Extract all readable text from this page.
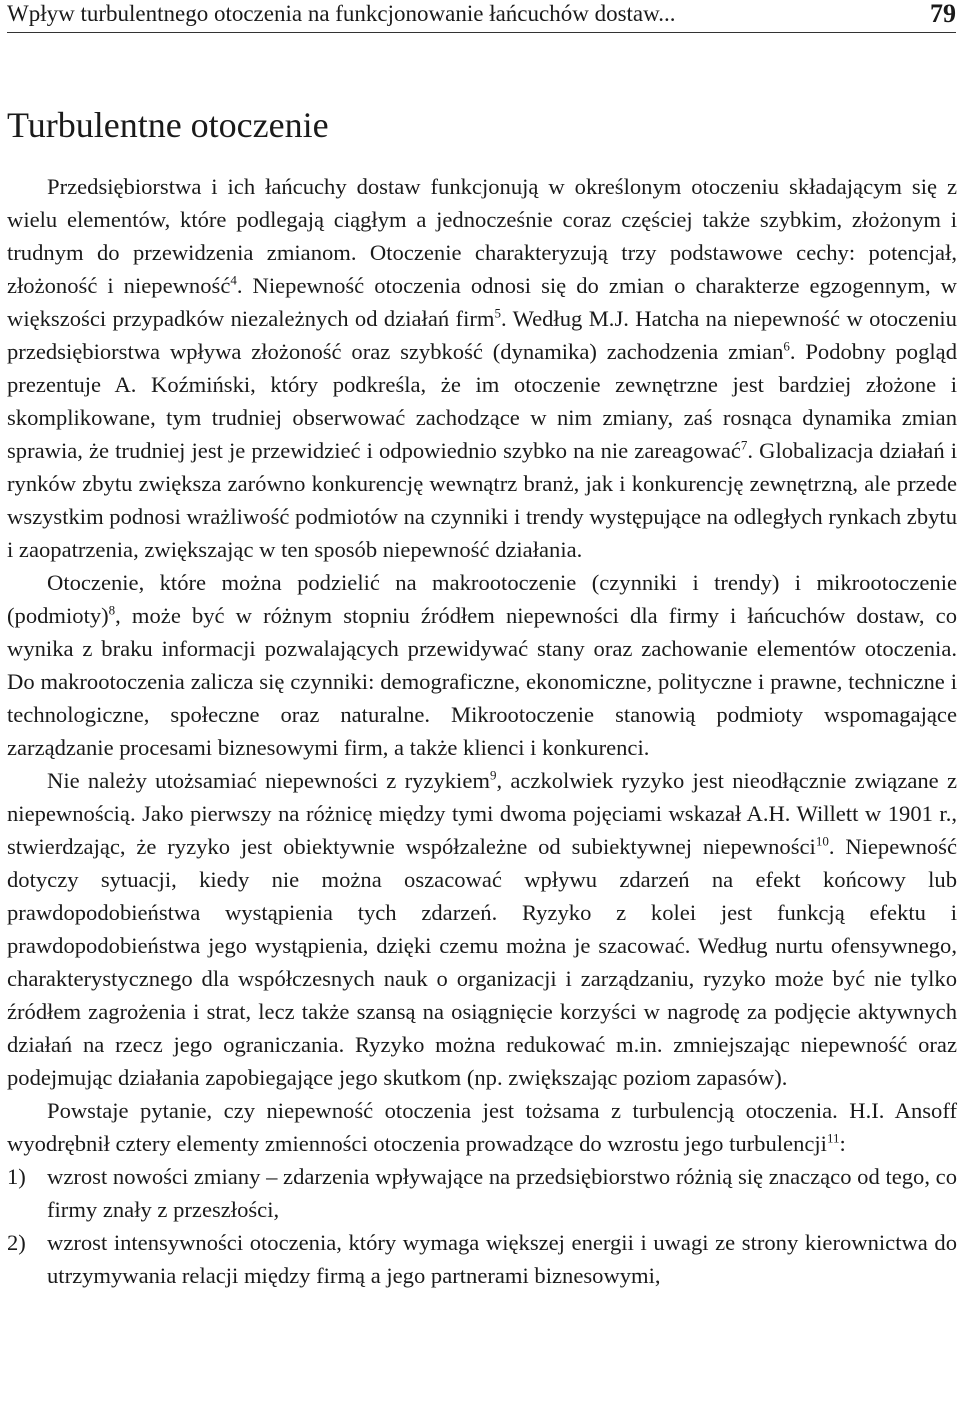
Wpływ turbulentnego otoczenia na funkcjonowanie łańcuchów dostaw...	79
Turbulentne otoczenie

Przedsiębiorstwa i ich łańcuchy dostaw funkcjonują w określonym otoczeniu składającym się z wielu elementów, które podlegają ciągłym a jednocześnie coraz częściej także szybkim, złożonym i trudnym do przewidzenia zmianom. Otoczenie charakteryzują trzy podstawowe cechy: potencjał, złożoność i niepewność$^4$. Niepewność otoczenia odnosi się do zmian o charakterze egzogennym, w większości przypadków niezależnych od działań firm$^5$. Według M.J. Hatcha na niepewność w otoczeniu przedsiębiorstwa wpływa złożoność oraz szybkość (dynamika) zachodzenia zmian$^6$. Podobny pogląd prezentuje A. Koźmiński, który podkreśla, że im otoczenie zewnętrzne jest bardziej złożone i skomplikowane, tym trudniej obserwować zachodzące w nim zmiany, zaś rosnąca dynamika zmian sprawia, że trudniej jest je przewidzieć i odpowiednio szybko na nie zareagować$^7$. Globalizacja działań i rynków zbytu zwiększa zarówno konkurencję wewnątrz branż, jak i konkurencję zewnętrzną, ale przede wszystkim podnosi wrażliwość podmiotów na czynniki i trendy występujące na odległych rynkach zbytu i zaopatrzenia, zwiększając w ten sposób niepewność działania.

Otoczenie, które można podzielić na makrootoczenie (czynniki i trendy) i mikrootoczenie (podmioty)$^8$, może być w różnym stopniu źródłem niepewności dla firmy i łańcuchów dostaw, co wynika z braku informacji pozwalających przewidywać stany oraz zachowanie elementów otoczenia. Do makrootoczenia zalicza się czynniki: demograficzne, ekonomiczne, polityczne i prawne, techniczne i technologiczne, społeczne oraz naturalne. Mikrootoczenie stanowią podmioty wspomagające zarządzanie procesami biznesowymi firm, a także klienci i konkurenci.

Nie należy utożsamiać niepewności z ryzykiem$^9$, aczkolwiek ryzyko jest nieodłącznie związane z niepewnością. Jako pierwszy na różnicę między tymi dwoma pojęciami wskazał A.H. Willett w 1901 r., stwierdzając, że ryzyko jest obiektywnie współzależne od subiektywnej niepewności$^{10}$. Niepewność dotyczy sytuacji, kiedy nie można oszacować wpływu zdarzeń na efekt końcowy lub prawdopodobieństwa wystąpienia tych zdarzeń. Ryzyko z kolei jest funkcją efektu i prawdopodobieństwa jego wystąpienia, dzięki czemu można je szacować. Według nurtu ofensywnego, charakterystycznego dla współczesnych nauk o organizacji i zarządzaniu, ryzyko może być nie tylko źródłem zagrożenia i strat, lecz także szansą na osiągnięcie korzyści w nagrodę za podjęcie aktywnych działań na rzecz jego ograniczania. Ryzyko można redukować m.in. zmniejszając niepewność oraz podejmując działania zapobiegające jego skutkom (np. zwiększając poziom zapasów).

Powstaje pytanie, czy niepewność otoczenia jest tożsama z turbulencją otoczenia. H.I. Ansoff wyodrębnił cztery elementy zmienności otoczenia prowadzące do wzrostu jego turbulencji$^{11}$:

1) wzrost nowości zmiany – zdarzenia wpływające na przedsiębiorstwo różnią się znacząco od tego, co firmy znały z przeszłości,
2) wzrost intensywności otoczenia, który wymaga większej energii i uwagi ze strony kierownictwa do utrzymywania relacji między firmą a jego partnerami biznesowymi,
